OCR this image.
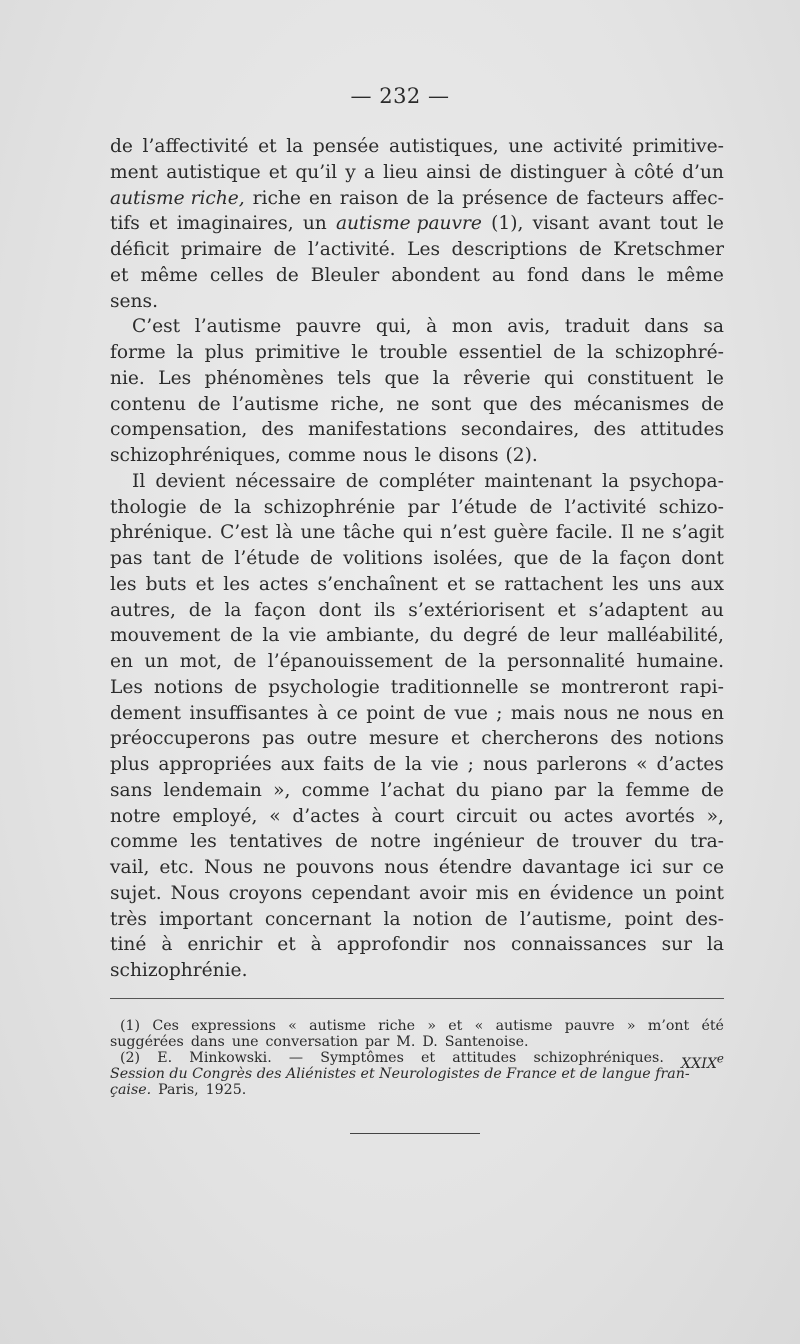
— 232 —
de l’affectivité et la pensée autistiques, une activité primitive-
ment autistique et qu’il y a lieu ainsi de distinguer à côté d’un
autisme riche, riche en raison de la présence de facteurs affec-
tifs et imaginaires, un autisme pauvre (1), visant avant tout le
déficit primaire de l’activité. Les descriptions de Kretschmer
et même celles de Bleuler abondent au fond dans le même
sens.
C’est l’autisme pauvre qui, à mon avis, traduit dans sa
forme la plus primitive le trouble essentiel de la schizophré-
nie. Les phénomènes tels que la rêverie qui constituent le
contenu de l’autisme riche, ne sont que des mécanismes de
compensation, des manifestations secondaires, des attitudes
schizophréniques, comme nous le disons (2).
Il devient nécessaire de compléter maintenant la psychopa-
thologie de la schizophrénie par l’étude de l’activité schizo-
phrénique. C’est là une tâche qui n’est guère facile. Il ne s’agit
pas tant de l’étude de volitions isolées, que de la façon dont
les buts et les actes s’enchaînent et se rattachent les uns aux
autres, de la façon dont ils s’extériorisent et s’adaptent au
mouvement de la vie ambiante, du degré de leur malléabilité,
en un mot, de l’épanouissement de la personnalité humaine.
Les notions de psychologie traditionnelle se montreront rapi-
dement insuffisantes à ce point de vue ; mais nous ne nous en
préoccuperons pas outre mesure et chercherons des notions
plus appropriées aux faits de la vie ; nous parlerons « d’actes
sans lendemain », comme l’achat du piano par la femme de
notre employé, « d’actes à court circuit ou actes avortés »,
comme les tentatives de notre ingénieur de trouver du tra-
vail, etc. Nous ne pouvons nous étendre davantage ici sur ce
sujet. Nous croyons cependant avoir mis en évidence un point
très important concernant la notion de l’autisme, point des-
tiné à enrichir et à approfondir nos connaissances sur la
schizophrénie.
(1) Ces expressions « autisme riche » et « autisme pauvre » m’ont été
suggérées dans une conversation par M. D. Santenoise.
(2) E. Minkowski. — Symptômes et attitudes schizophréniques. XXIXe
Session du Congrès des Aliénistes et Neurologistes de France et de langue fran-
çaise. Paris, 1925.
